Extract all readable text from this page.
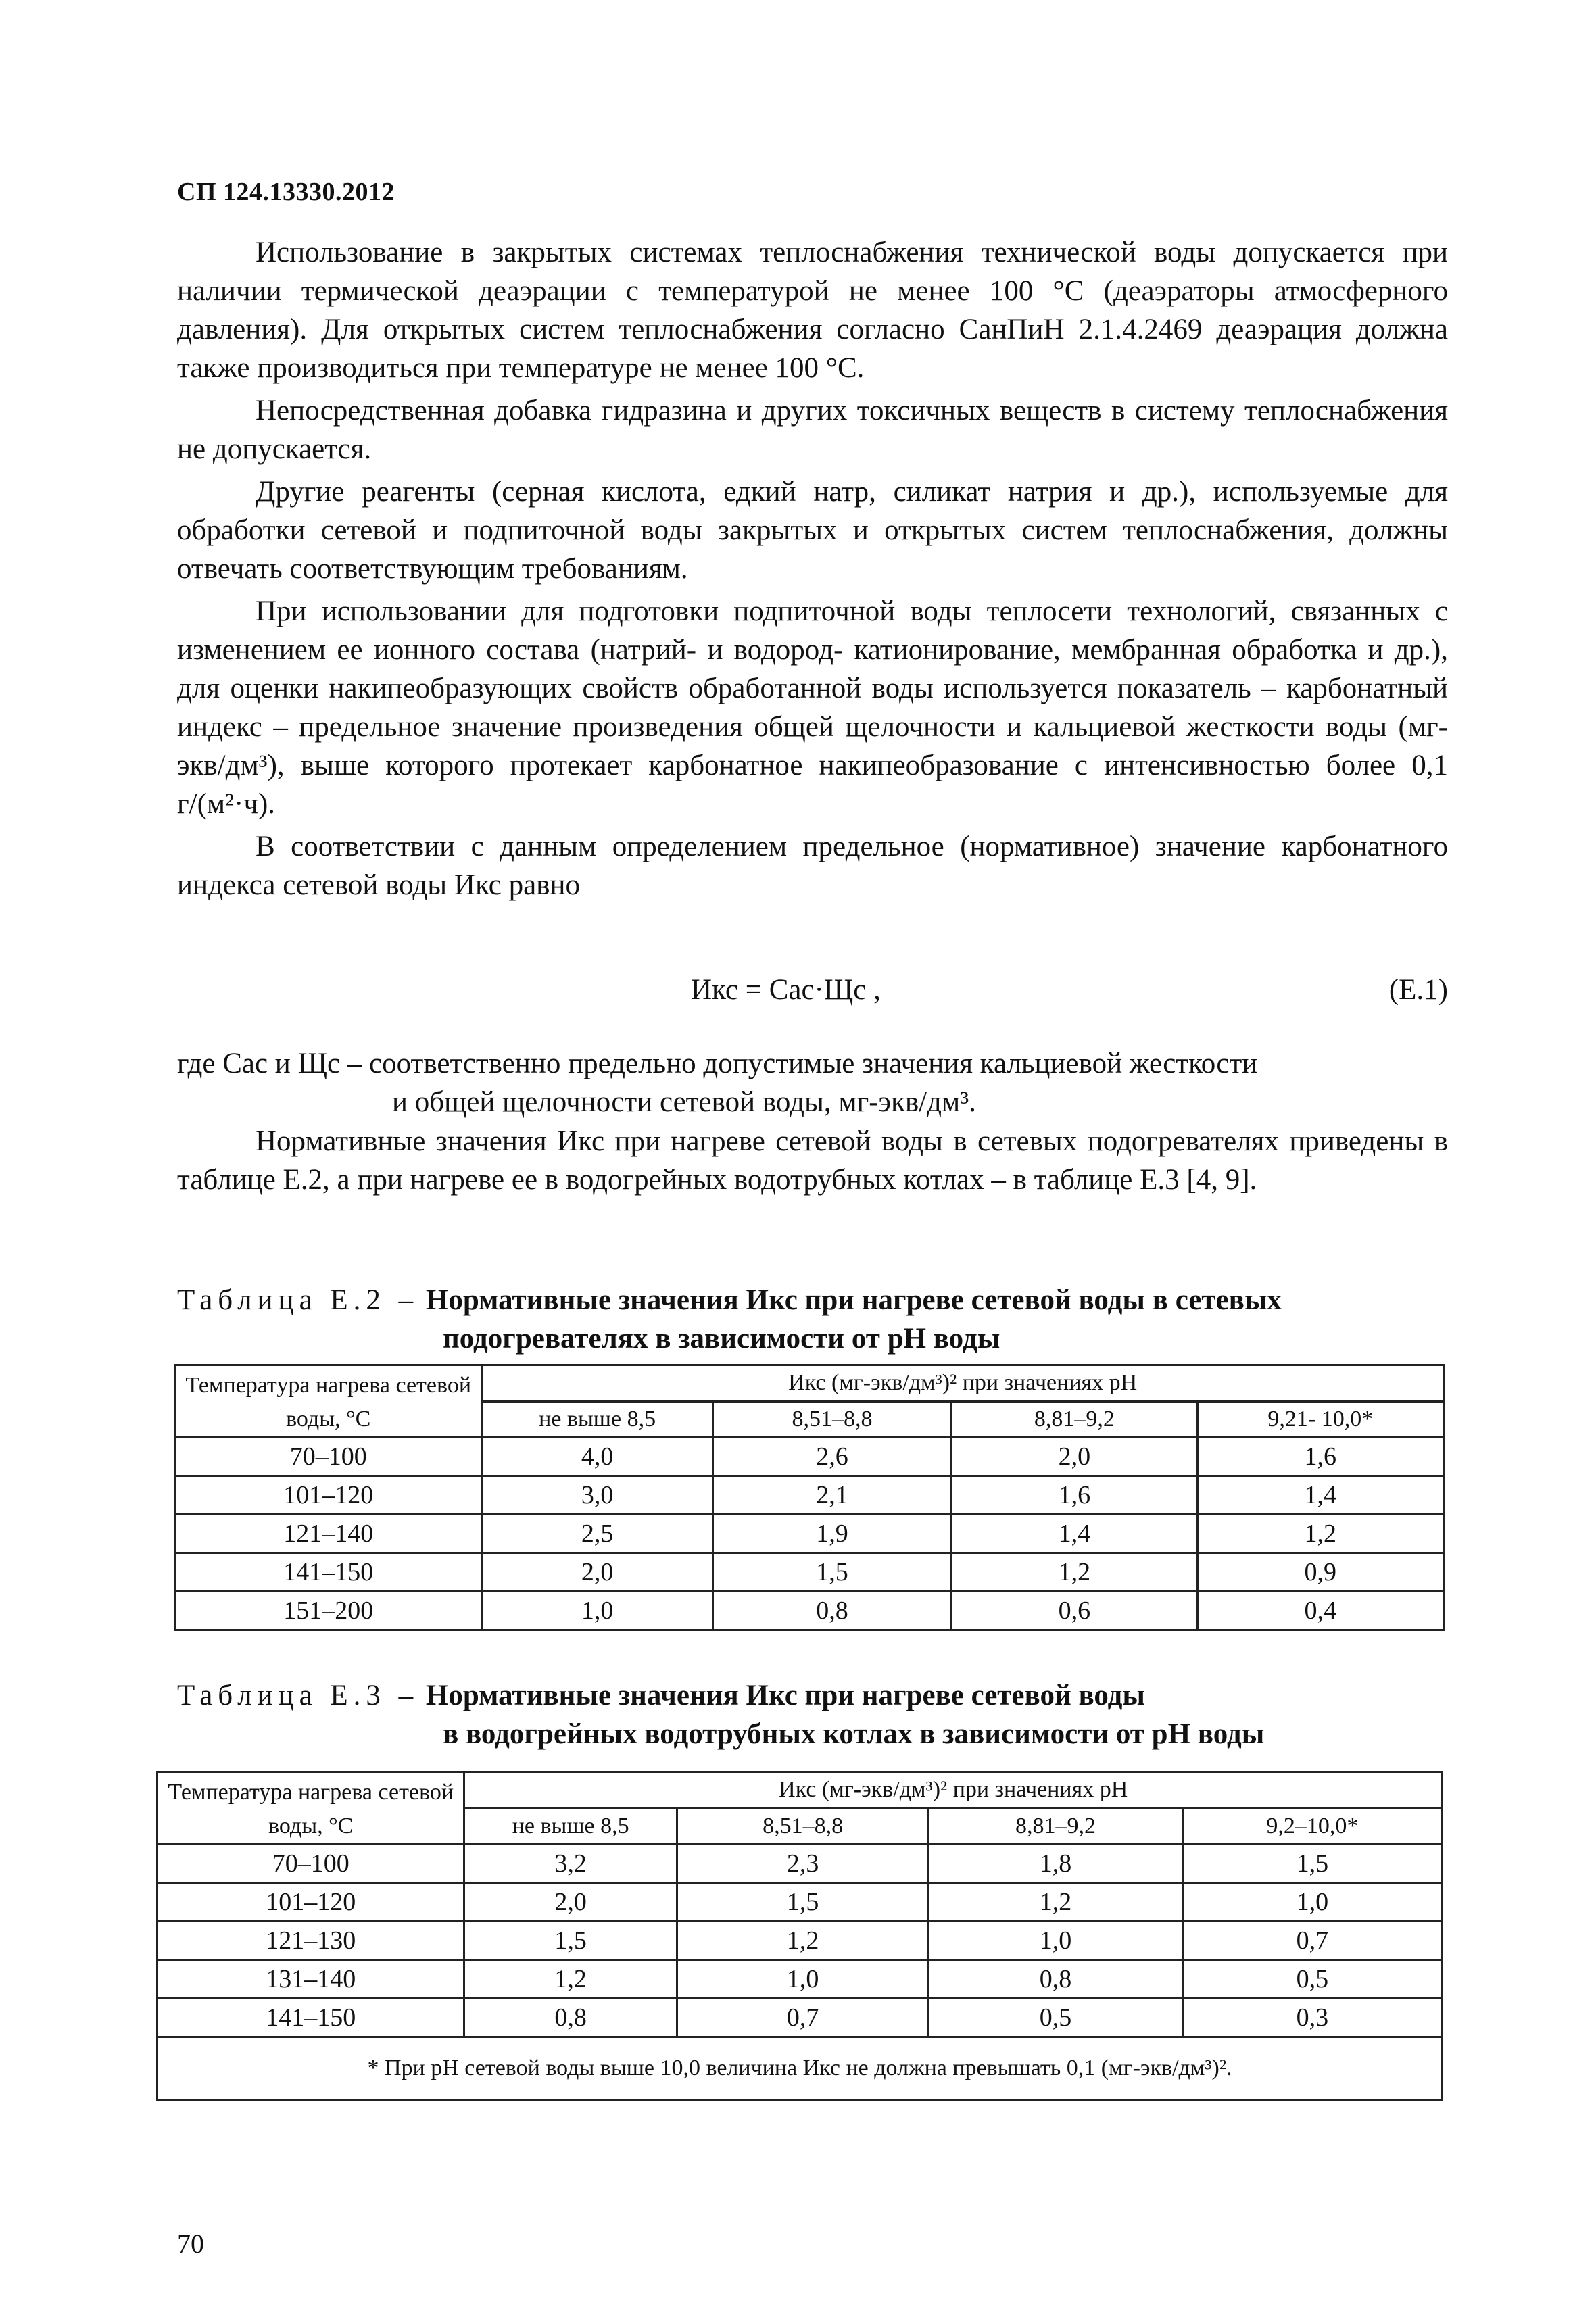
СП 124.13330.2012

Использование в закрытых системах теплоснабжения технической воды допускается при наличии термической деаэрации с температурой не менее 100 °С (деаэраторы атмосферного давления). Для открытых систем теплоснабжения согласно СанПиН 2.1.4.2469 деаэрация должна также производиться при температуре не менее 100 °С.

Непосредственная добавка гидразина и других токсичных веществ в систему теплоснабжения не допускается.

Другие реагенты (серная кислота, едкий натр, силикат натрия и др.), используемые для обработки сетевой и подпиточной воды закрытых и открытых систем теплоснабжения, должны отвечать соответствующим требованиям.

При использовании для подготовки подпиточной воды теплосети технологий, связанных с изменением ее ионного состава (натрий- и водород- катионирование, мембранная обработка и др.), для оценки накипеобразующих свойств обработанной воды используется показатель – карбонатный индекс – предельное значение произведения общей щелочности и кальциевой жесткости воды (мг-экв/дм³), выше которого протекает карбонатное накипеобразование с интенсивностью более 0,1 г/(м²·ч).

В соответствии с данным определением предельное (нормативное) значение карбонатного индекса сетевой воды Икс равно

Икс = Сас·Щс ,	(Е.1)
где Сас и Щс – соответственно предельно допустимые значения кальциевой жесткости
и общей щелочности сетевой воды, мг-экв/дм³.

Нормативные значения Икс при нагреве сетевой воды в сетевых подогревателях приведены в таблице Е.2, а при нагреве ее в водогрейных водотрубных котлах – в таблице Е.3 [4, 9].

Таблица Е.2 – Нормативные значения Икс при нагреве сетевой воды в сетевых
подогревателях в зависимости от рН воды
Температура нагрева сетевой воды, °С	Икс (мг-экв/дм³)² при значениях рН			
	не выше 8,5	8,51–8,8	8,81–9,2	9,21- 10,0*
70–100	4,0	2,6	2,0	1,6
101–120	3,0	2,1	1,6	1,4
121–140	2,5	1,9	1,4	1,2
141–150	2,0	1,5	1,2	0,9
151–200	1,0	0,8	0,6	0,4
Таблица Е.3 – Нормативные значения Икс при нагреве сетевой воды
в водогрейных водотрубных котлах в зависимости от рН воды
Температура нагрева сетевой воды, °С	Икс (мг-экв/дм³)² при значениях рН			
	не выше 8,5	8,51–8,8	8,81–9,2	9,2–10,0*
70–100	3,2	2,3	1,8	1,5
101–120	2,0	1,5	1,2	1,0
121–130	1,5	1,2	1,0	0,7
131–140	1,2	1,0	0,8	0,5
141–150	0,8	0,7	0,5	0,3
* При рН сетевой воды выше 10,0 величина Икс не должна превышать 0,1 (мг-экв/дм³)².				
70
